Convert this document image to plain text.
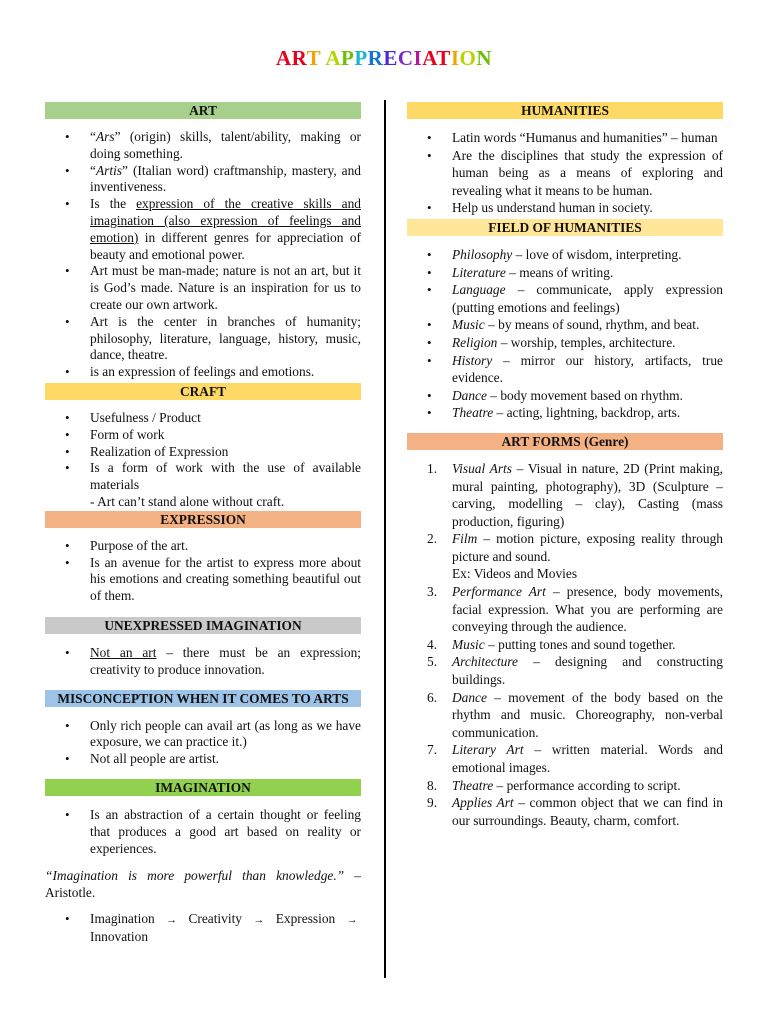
ART APPRECIATION
ART
• “Ars” (origin) skills, talent/ability, making or doing something.
• “Artis” (Italian word) craftmanship, mastery, and inventiveness.
• Is the expression of the creative skills and imagination (also expression of feelings and emotion) in different genres for appreciation of beauty and emotional power.
• Art must be man-made; nature is not an art, but it is God’s made. Nature is an inspiration for us to create our own artwork.
• Art is the center in branches of humanity; philosophy, literature, language, history, music, dance, theatre.
• is an expression of feelings and emotions.
CRAFT
• Usefulness / Product
• Form of work
• Realization of Expression
• Is a form of work with the use of available materials
- Art can’t stand alone without craft.
EXPRESSION
• Purpose of the art.
• Is an avenue for the artist to express more about his emotions and creating something beautiful out of them.
UNEXPRESSED IMAGINATION
• Not an art – there must be an expression; creativity to produce innovation.
MISCONCEPTION WHEN IT COMES TO ARTS
• Only rich people can avail art (as long as we have exposure, we can practice it.)
• Not all people are artist.
IMAGINATION
• Is an abstraction of a certain thought or feeling that produces a good art based on reality or experiences.
“Imagination is more powerful than knowledge.” – Aristotle.
• Imagination → Creativity → Expression →
Innovation
HUMANITIES
• Latin words “Humanus and humanities” – human
• Are the disciplines that study the expression of human being as a means of exploring and revealing what it means to be human.
• Help us understand human in society.
FIELD OF HUMANITIES
• Philosophy – love of wisdom, interpreting.
• Literature – means of writing.
• Language – communicate, apply expression (putting emotions and feelings)
• Music – by means of sound, rhythm, and beat.
• Religion – worship, temples, architecture.
• History – mirror our history, artifacts, true evidence.
• Dance – body movement based on rhythm.
• Theatre – acting, lightning, backdrop, arts.
ART FORMS (Genre)
1. Visual Arts – Visual in nature, 2D (Print making, mural painting, photography), 3D (Sculpture – carving, modelling – clay), Casting (mass production, figuring)
2. Film – motion picture, exposing reality through picture and sound.
Ex: Videos and Movies
3. Performance Art – presence, body movements, facial expression. What you are performing are conveying through the audience.
4. Music – putting tones and sound together.
5. Architecture – designing and constructing buildings.
6. Dance – movement of the body based on the rhythm and music. Choreography, non-verbal communication.
7. Literary Art – written material. Words and emotional images.
8. Theatre – performance according to script.
9. Applies Art – common object that we can find in our surroundings. Beauty, charm, comfort.
